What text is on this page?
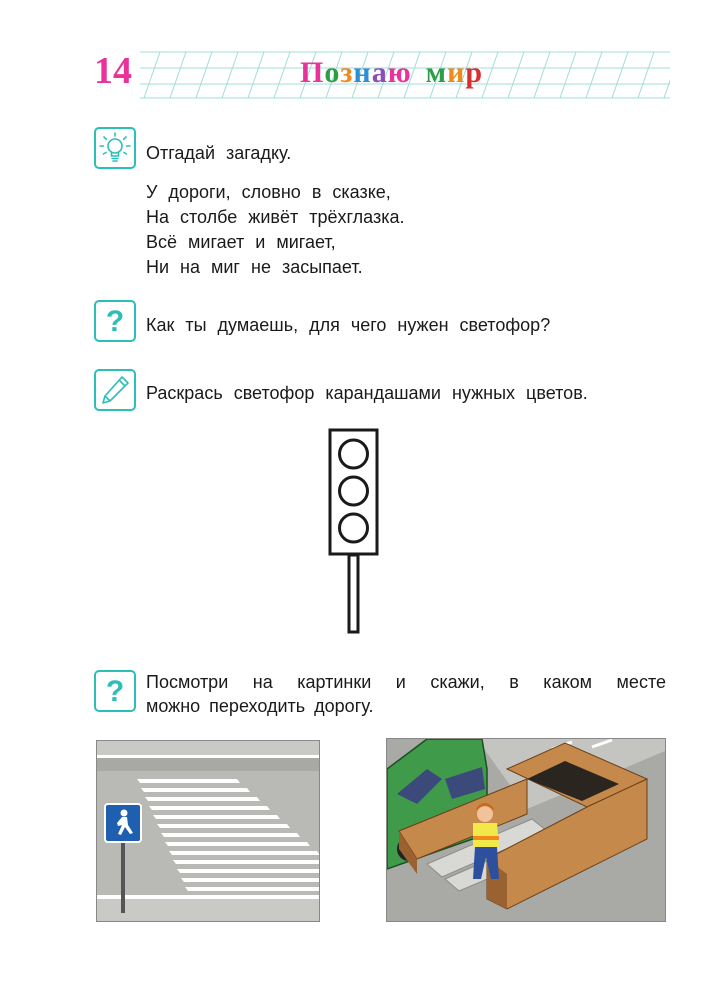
14	Познаю мир
Отгадай загадку.
У дороги, словно в сказке,
На столбе живёт трёхглазка.
Всё мигает и мигает,
Ни на миг не засыпает.
?	Как ты думаешь, для чего нужен светофор?
Раскрась светофор карандашами нужных цветов.
?	Посмотри на картинки и скажи, в каком месте
можно переходить дорогу.
